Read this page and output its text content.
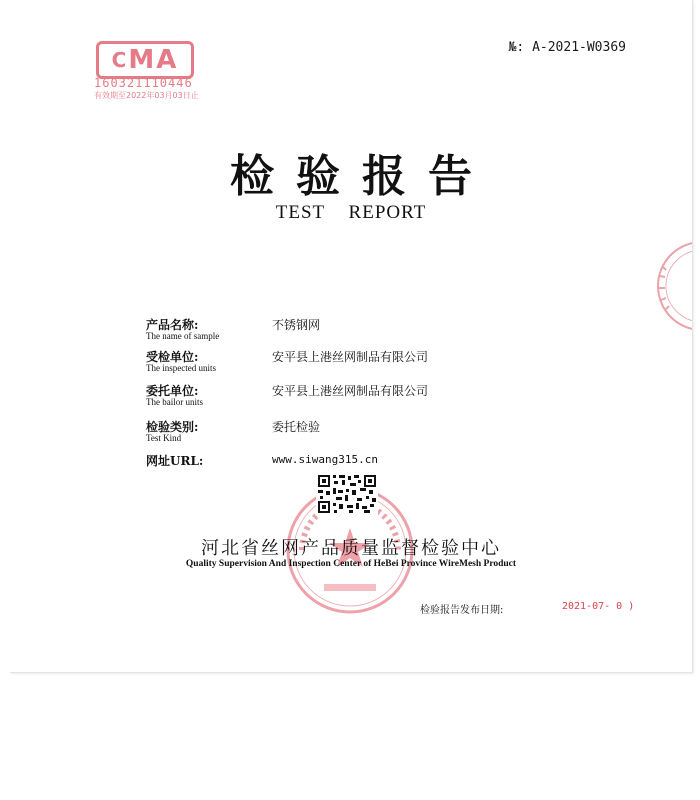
$^C$MA
160321110446
有效期至2022年03月03日止
№: A-2021-W0369
检验报告
TEST REPORT
产品名称:
The name of sample
不锈钢网
受检单位:
The inspected units
安平县上港丝网制品有限公司
委托单位:
The bailor units
安平县上港丝网制品有限公司
检验类别:
Test Kind
委托检验
网址URL:	www.siwang315.cn
河北省丝网产品质量监督检验中心
Quality Supervision And Inspection Center of HeBei Province WireMesh Product
检验报告发布日期:	2021-07- 0 )
